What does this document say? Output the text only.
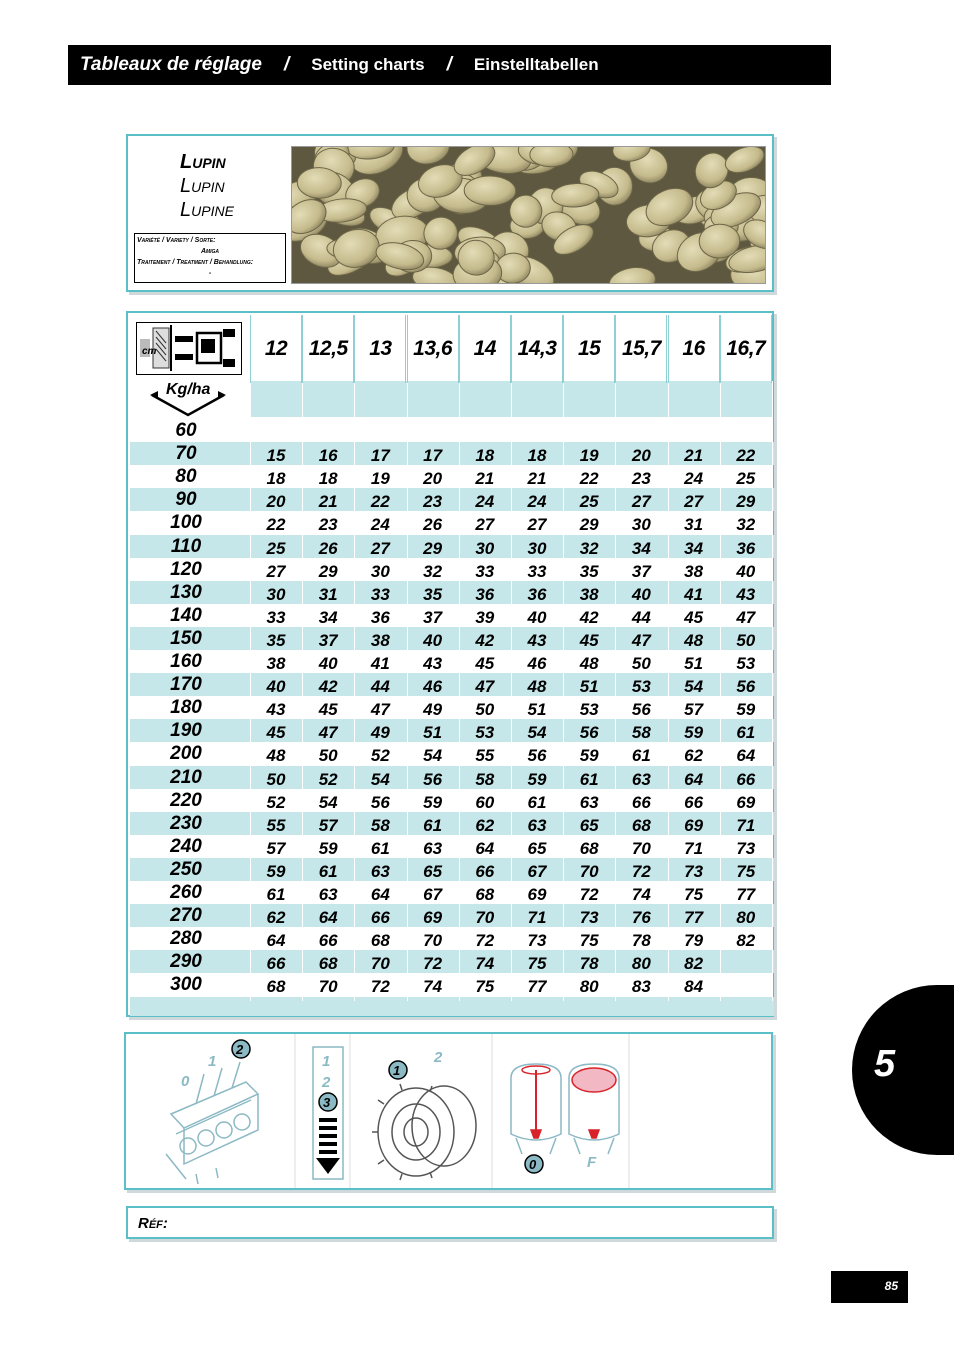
Tableaux de réglage / Setting charts / Einstelltabellen
Lupin
Lupin
Lupine
Variété / Variety / Sorte:
Amiga
Traitement / Treatment / Behandlung:
-
12	12,5	13	13,6	14	14,3	15	15,7	16	16,7
60
70	15	16	17	17	18	18	19	20	21	22
80	18	18	19	20	21	21	22	23	24	25
90	20	21	22	23	24	24	25	27	27	29
100	22	23	24	26	27	27	29	30	31	32
110	25	26	27	29	30	30	32	34	34	36
120	27	29	30	32	33	33	35	37	38	40
130	30	31	33	35	36	36	38	40	41	43
140	33	34	36	37	39	40	42	44	45	47
150	35	37	38	40	42	43	45	47	48	50
160	38	40	41	43	45	46	48	50	51	53
170	40	42	44	46	47	48	51	53	54	56
180	43	45	47	49	50	51	53	56	57	59
190	45	47	49	51	53	54	56	58	59	61
200	48	50	52	54	55	56	59	61	62	64
210	50	52	54	56	58	59	61	63	64	66
220	52	54	56	59	60	61	63	66	66	69
230	55	57	58	61	62	63	65	68	69	71
240	57	59	61	63	64	65	68	70	71	73
250	59	61	63	65	66	67	70	72	73	75
260	61	63	64	67	68	69	72	74	75	77
270	62	64	66	69	70	71	73	76	77	80
280	64	66	68	70	72	73	75	78	79	82
290	66	68	70	72	74	75	78	80	82
300	68	70	72	74	75	77	80	83	84
cm
Kg/ha
0
1
2
1
2
3
1
2
0	F
Réf:
5
85
